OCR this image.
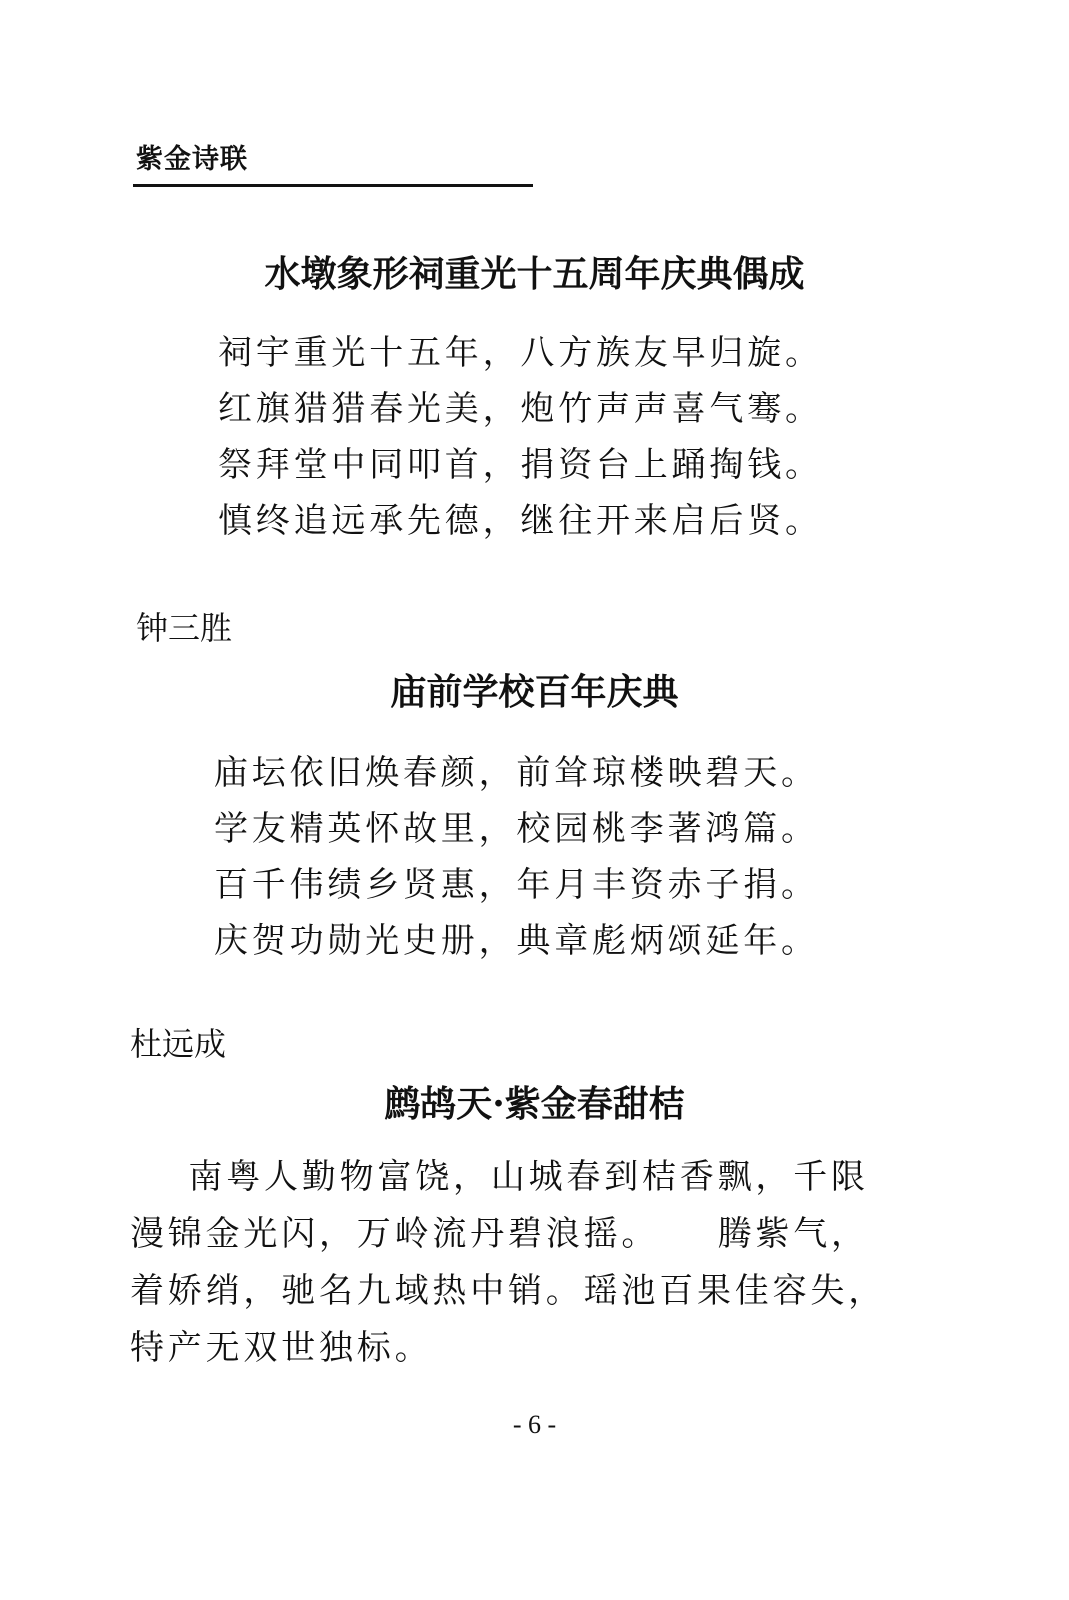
紫金诗联
水墩象形祠重光十五周年庆典偶成
祠宇重光十五年，八方族友早归旋。
红旗猎猎春光美，炮竹声声喜气骞。
祭拜堂中同叩首，捐资台上踊掏钱。
慎终追远承先德，继往开来启后贤。
钟三胜
庙前学校百年庆典
庙坛依旧焕春颜，前耸琼楼映碧天。
学友精英怀故里，校园桃李著鸿篇。
百千伟绩乡贤惠，年月丰资赤子捐。
庆贺功勋光史册，典章彪炳颂延年。
杜远成
鹧鸪天·紫金春甜桔
南粤人勤物富饶，山城春到桔香飘，千限
漫锦金光闪，万岭流丹碧浪摇。    腾紫气，
着娇绡，驰名九域热中销。瑶池百果佳容失，
特产无双世独标。
- 6 -
